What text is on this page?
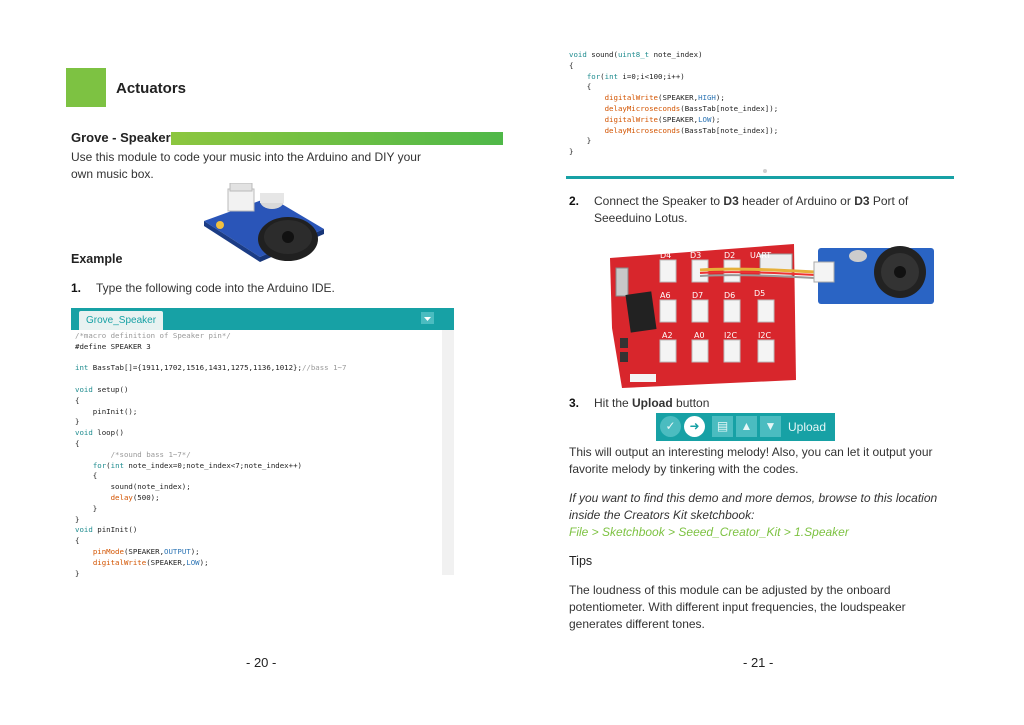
Actuators
Grove - Speaker
Use this module to code your music into the Arduino and DIY your
own music box.
Example
1. Type the following code into the Arduino IDE.
Grove_Speaker
/*macro definition of Speaker pin*/
#define SPEAKER 3

int BassTab[]={1911,1702,1516,1431,1275,1136,1012};//bass 1~7

void setup()
{
pinInit();
}
void loop()
{
/*sound bass 1~7*/
for(int note_index=0;note_index<7;note_index++)
{
sound(note_index);
delay(500);
}
}
void pinInit()
{
pinMode(SPEAKER,OUTPUT);
digitalWrite(SPEAKER,LOW);
}
- 20 -
void sound(uint8_t note_index)
{
for(int i=0;i<100;i++)
{
digitalWrite(SPEAKER,HIGH);
delayMicroseconds(BassTab[note_index]);
digitalWrite(SPEAKER,LOW);
delayMicroseconds(BassTab[note_index]);
}
}
2. Connect the Speaker to D3 header of Arduino or D3 Port of
Seeeduino Lotus.
D4 D3	D2 UART
A6	D7	D6 D5
A2	A0 I2C	I2C
3. Hit the Upload button
✓	➜	▤	▲	▼ Upload
This will output an interesting melody! Also, you can let it output your
favorite melody by tinkering with the codes.
If you want to find this demo and more demos, browse to this location
inside the Creators Kit sketchbook:
File > Sketchbook > Seeed_Creator_Kit > 1.Speaker
Tips
The loudness of this module can be adjusted by the onboard
potentiometer. With different input frequencies, the loudspeaker
generates different tones.
- 21 -
